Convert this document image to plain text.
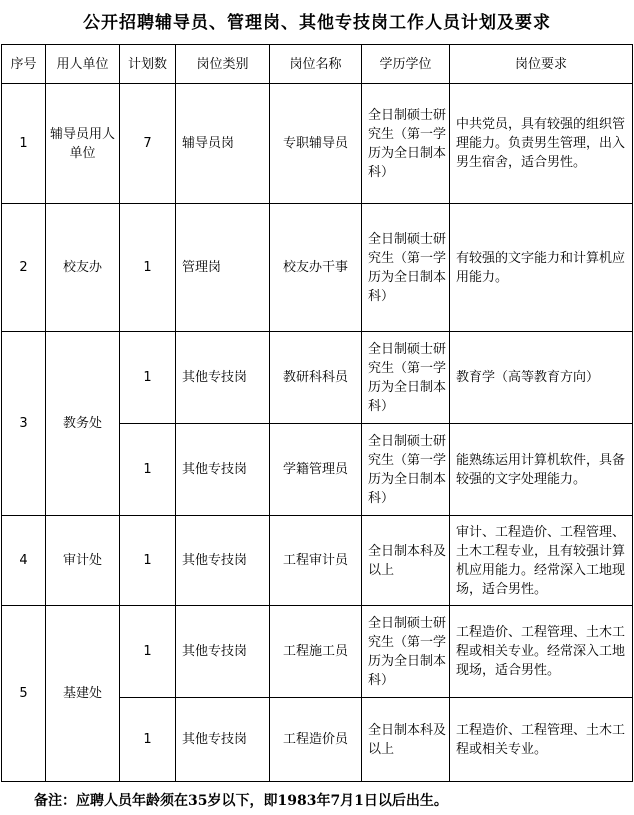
公开招聘辅导员、管理岗、其他专技岗工作人员计划及要求
序号	用人单位	计划数	岗位类别	岗位名称	学历学位	岗位要求
1	辅导员用人单位	7	辅导员岗	专职辅导员	全日制硕士研究生（第一学历为全日制本科）	中共党员，具有较强的组织管理能力。负责男生管理，出入男生宿舍，适合男性。
2	校友办	1	管理岗	校友办干事	全日制硕士研究生（第一学历为全日制本科）	有较强的文字能力和计算机应用能力。
3	教务处	1	其他专技岗	教研科科员	全日制硕士研究生（第一学历为全日制本科）	教育学（高等教育方向）
		1	其他专技岗	学籍管理员	全日制硕士研究生（第一学历为全日制本科）	能熟练运用计算机软件，具备较强的文字处理能力。
4	审计处	1	其他专技岗	工程审计员	全日制本科及以上	审计、工程造价、工程管理、土木工程专业，且有较强计算机应用能力。经常深入工地现场，适合男性。
5	基建处	1	其他专技岗	工程施工员	全日制硕士研究生（第一学历为全日制本科）	工程造价、工程管理、土木工程或相关专业。经常深入工地现场，适合男性。
		1	其他专技岗	工程造价员	全日制本科及以上	工程造价、工程管理、土木工程或相关专业。
备注：应聘人员年龄须在35岁以下，即1983年7月1日以后出生。
